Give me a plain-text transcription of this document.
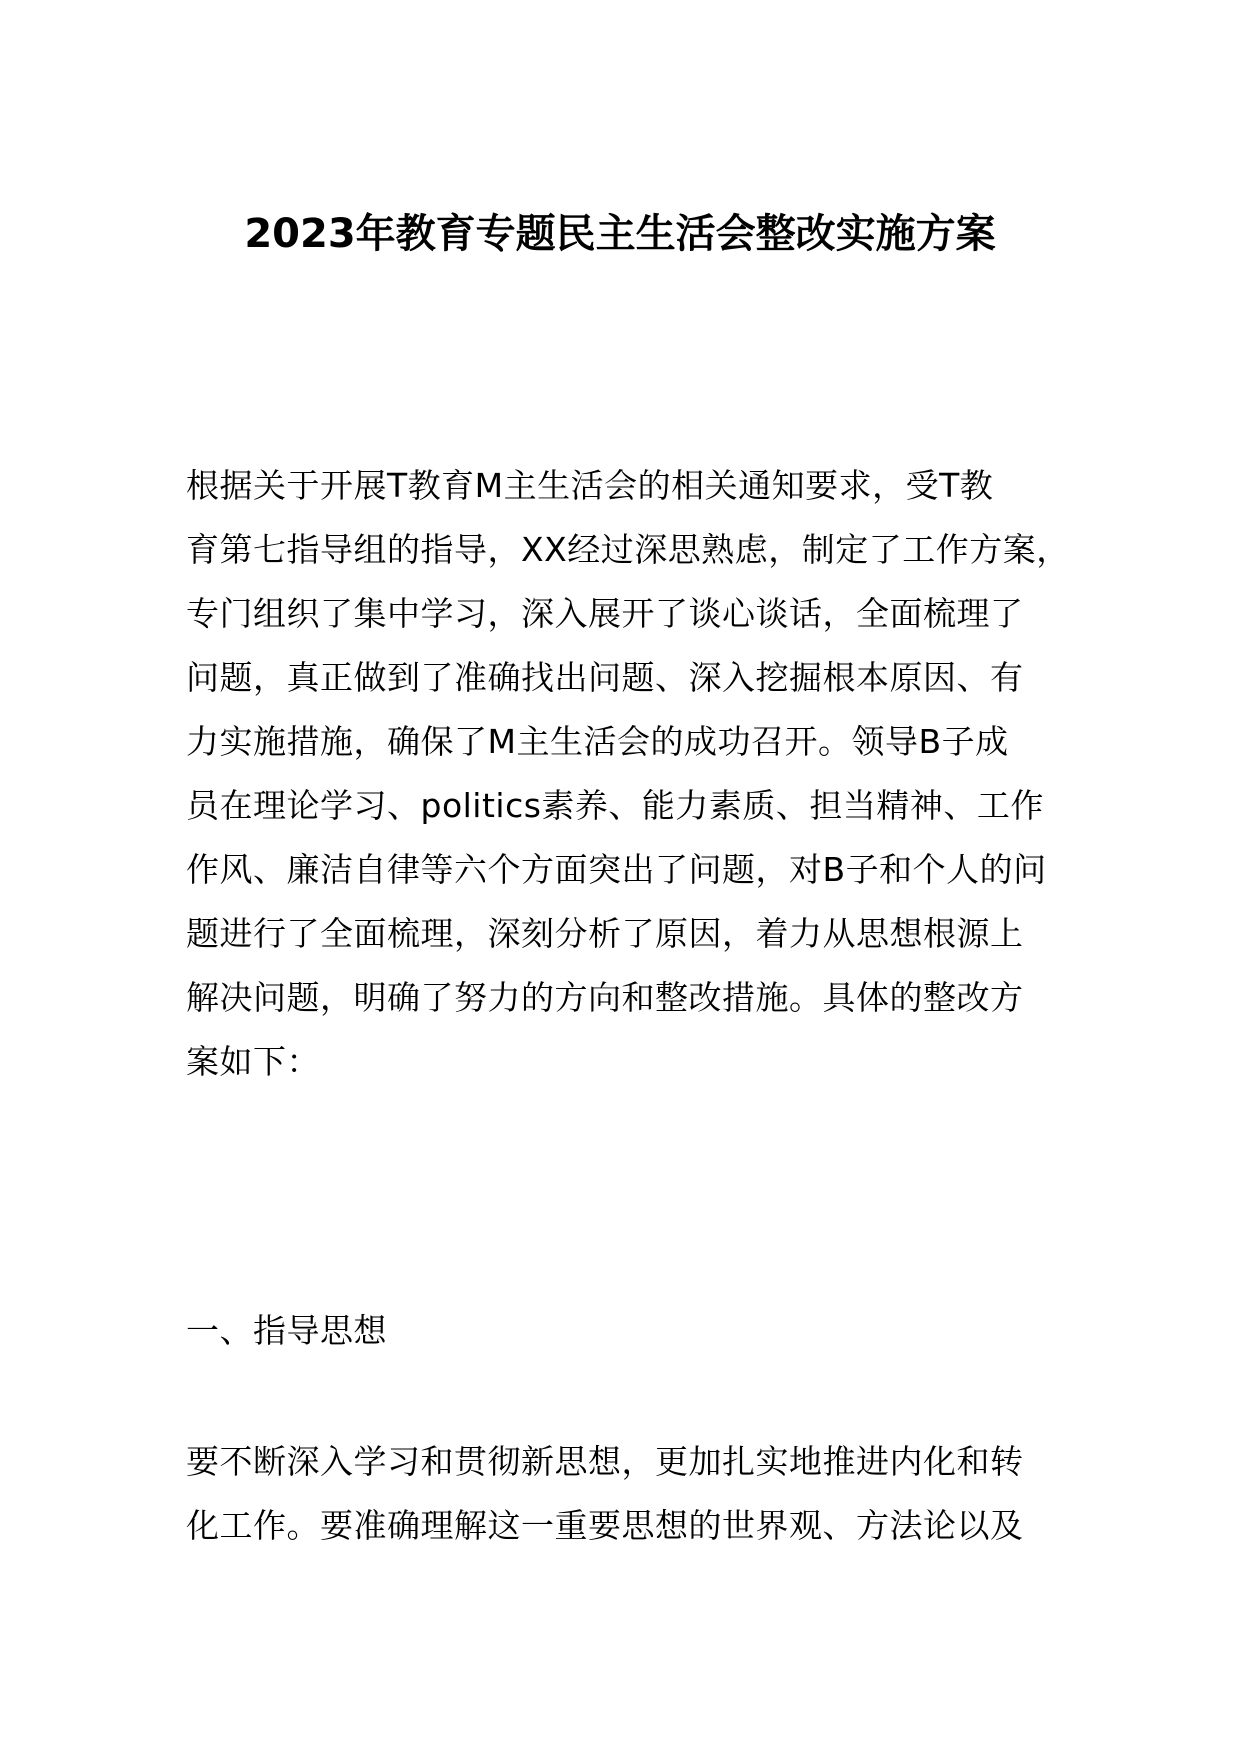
2023年教育专题民主生活会整改实施方案
根据关于开展T教育M主生活会的相关通知要求，受T教
育第七指导组的指导，XX经过深思熟虑，制定了工作方案，
专门组织了集中学习，深入展开了谈心谈话，全面梳理了
问题，真正做到了准确找出问题、深入挖掘根本原因、有
力实施措施，确保了M主生活会的成功召开。领导B子成
员在理论学习、politics素养、能力素质、担当精神、工作
作风、廉洁自律等六个方面突出了问题，对B子和个人的问
题进行了全面梳理，深刻分析了原因，着力从思想根源上
解决问题，明确了努力的方向和整改措施。具体的整改方
案如下：
一、指导思想
要不断深入学习和贯彻新思想，更加扎实地推进内化和转
化工作。要准确理解这一重要思想的世界观、方法论以及
